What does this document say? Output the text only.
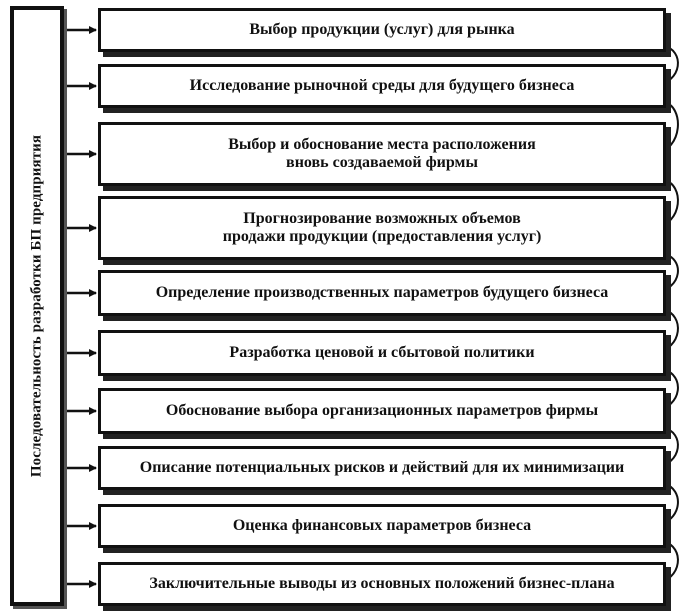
Последовательность разработки БП предприятия
Выбор продукции (услуг) для рынка
Исследование рыночной среды для будущего бизнеса
Выбор и обоснование места расположения
вновь создаваемой фирмы
Прогнозирование возможных объемов
продажи продукции (предоставления услуг)
Определение производственных параметров будущего бизнеса
Разработка ценовой и сбытовой политики
Обоснование выбора организационных параметров фирмы
Описание потенциальных рисков и действий для их минимизации
Оценка финансовых параметров бизнеса
Заключительные выводы из основных положений бизнес-плана
